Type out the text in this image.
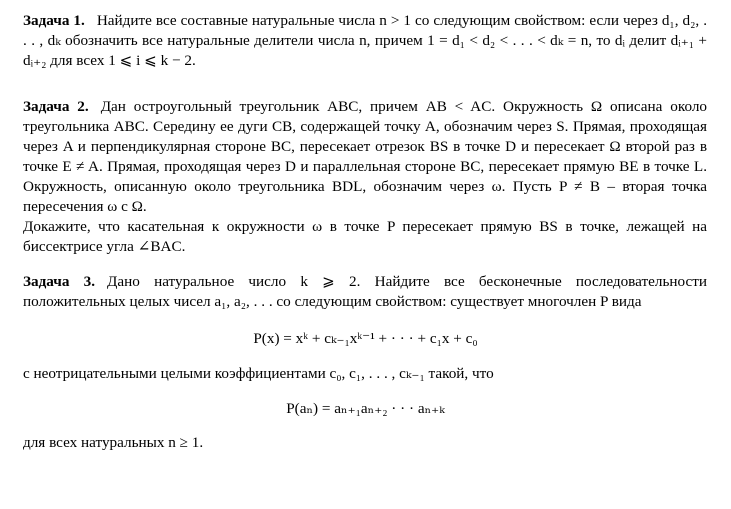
Задача 1. Найдите все составные натуральные числа n > 1 со следующим свойством: если через d₁, d₂, . . . , dₖ обозначить все натуральные делители числа n, причем 1 = d₁ < d₂ < . . . < dₖ = n, то dᵢ делит dᵢ₊₁ + dᵢ₊₂ для всех 1 ⩽ i ⩽ k − 2.

Задача 2. Дан остроугольный треугольник ABC, причем AB < AC. Окружность Ω описана около треугольника ABC. Середину ее дуги CB, содержащей точку A, обозначим через S. Прямая, проходящая через A и перпендикулярная стороне BC, пересекает отрезок BS в точке D и пересекает Ω второй раз в точке E ≠ A. Прямая, проходящая через D и параллельная стороне BC, пересекает прямую BE в точке L. Окружность, описанную около треугольника BDL, обозначим через ω. Пусть P ≠ B – вторая точка пересечения ω с Ω.

Докажите, что касательная к окружности ω в точке P пересекает прямую BS в точке, лежащей на биссектрисе угла ∠BAC.

Задача 3. Дано натуральное число k ⩾ 2. Найдите все бесконечные последовательности положительных целых чисел a₁, a₂, . . . со следующим свойством: существует многочлен P вида

P(x) = xᵏ + cₖ₋₁xᵏ⁻¹ + · · · + c₁x + c₀
с неотрицательными целыми коэффициентами c₀, c₁, . . . , cₖ₋₁ такой, что
P(aₙ) = aₙ₊₁aₙ₊₂ · · · aₙ₊ₖ
для всех натуральных n ≥ 1.
